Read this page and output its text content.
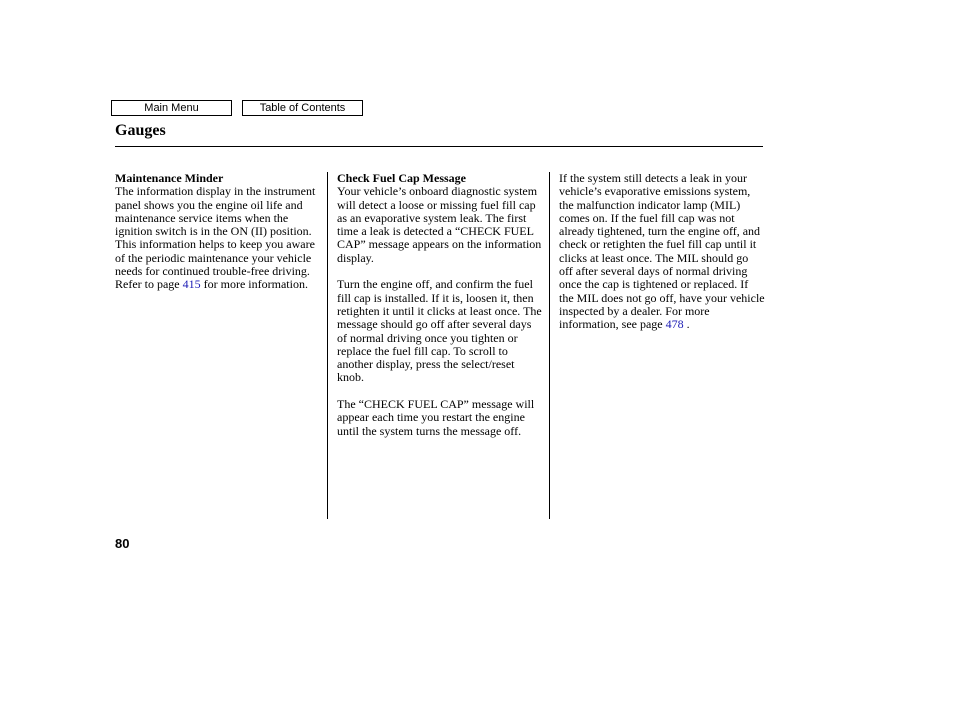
Main Menu	Table of Contents
Gauges
Maintenance Minder

The information display in the instrument panel shows you the engine oil life and maintenance service items when the ignition switch is in the ON (II) position. This information helps to keep you aware of the periodic maintenance your vehicle needs for continued trouble-free driving. Refer to page 415 for more information.

Check Fuel Cap Message

Your vehicle’s onboard diagnostic system will detect a loose or missing fuel fill cap as an evaporative system leak. The first time a leak is detected a “CHECK FUEL CAP” message appears on the information display.

Turn the engine off, and confirm the fuel fill cap is installed. If it is, loosen it, then retighten it until it clicks at least once. The message should go off after several days of normal driving once you tighten or replace the fuel fill cap. To scroll to another display, press the select/reset knob.

The “CHECK FUEL CAP” message will appear each time you restart the engine until the system turns the message off.

If the system still detects a leak in your vehicle’s evaporative emissions system, the malfunction indicator lamp (MIL) comes on. If the fuel fill cap was not already tightened, turn the engine off, and check or retighten the fuel fill cap until it clicks at least once. The MIL should go off after several days of normal driving once the cap is tightened or replaced. If the MIL does not go off, have your vehicle inspected by a dealer. For more information, see page 478 .

80
